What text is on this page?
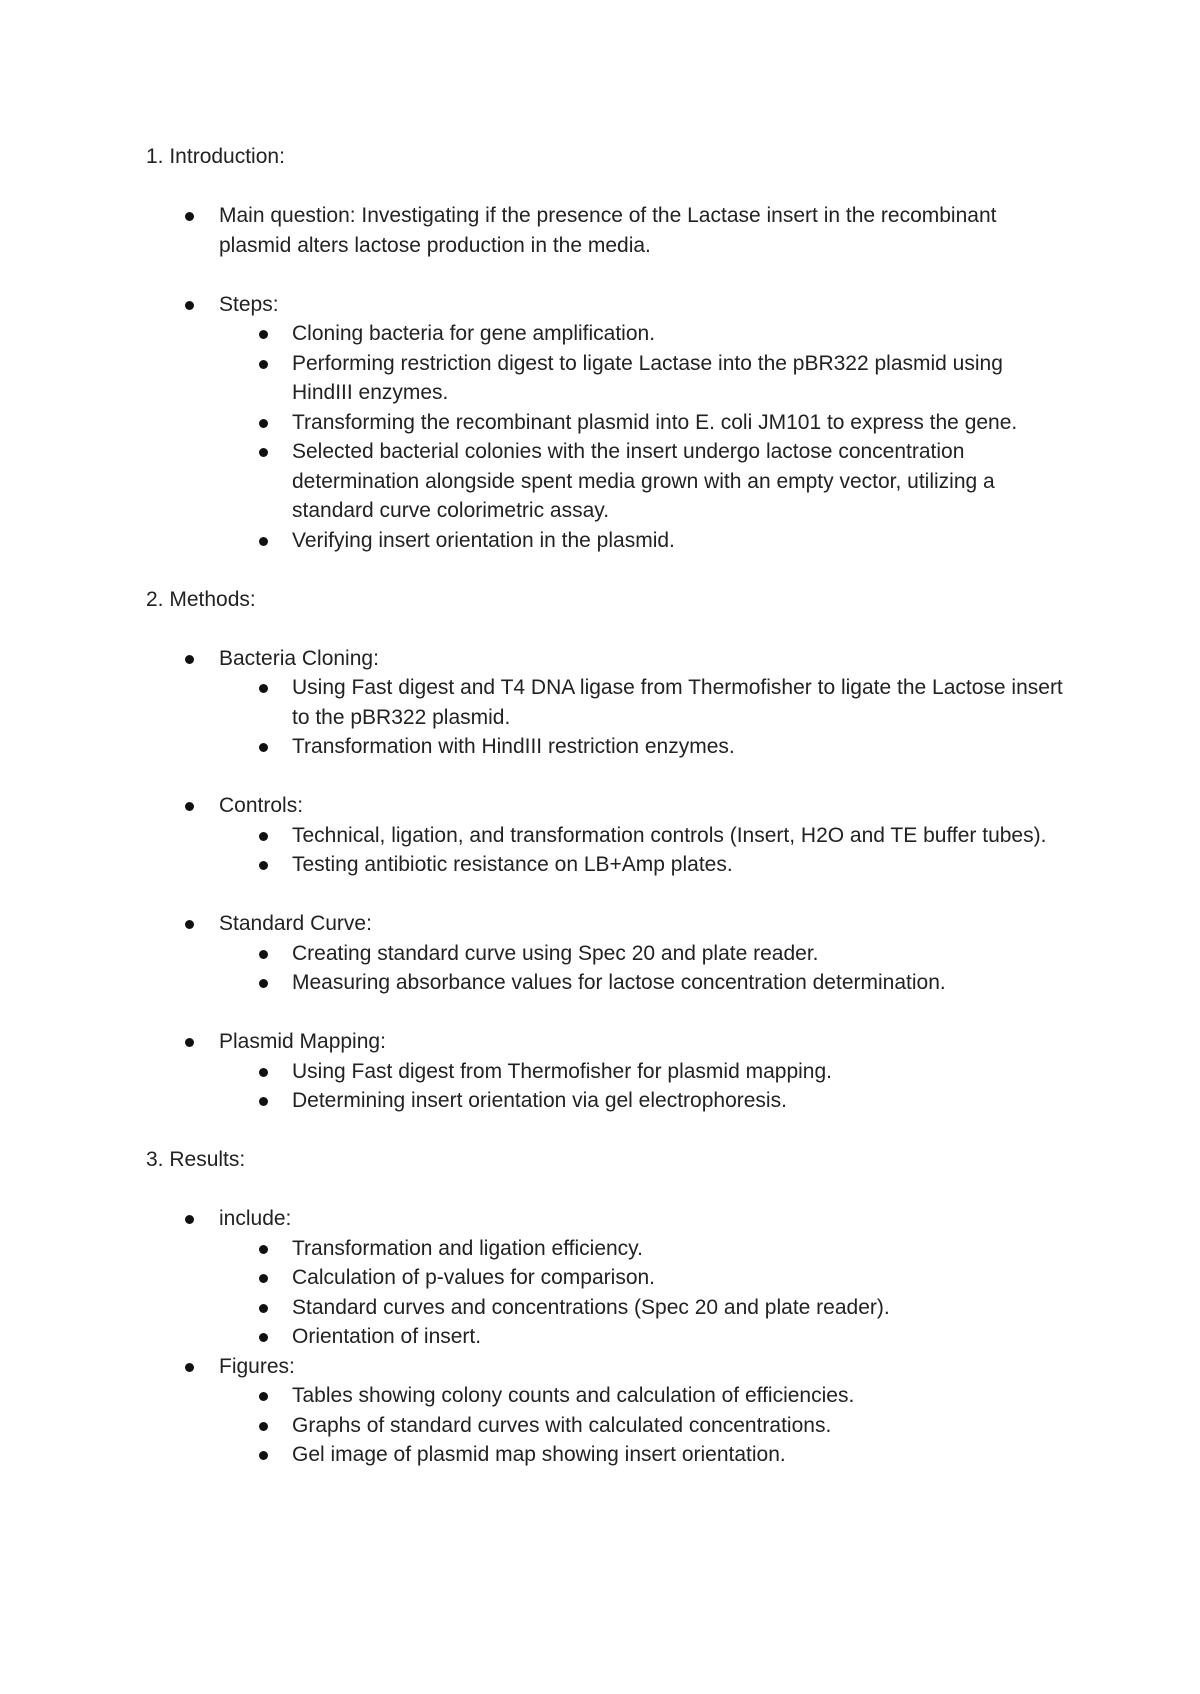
1. Introduction:

Main question: Investigating if the presence of the Lactase insert in the recombinant plasmid alters lactose production in the media.
Steps:
Cloning bacteria for gene amplification.
Performing restriction digest to ligate Lactase into the pBR322 plasmid using HindIII enzymes.
Transforming the recombinant plasmid into E. coli JM101 to express the gene.
Selected bacterial colonies with the insert undergo lactose concentration determination alongside spent media grown with an empty vector, utilizing a standard curve colorimetric assay.
Verifying insert orientation in the plasmid.

2. Methods:

Bacteria Cloning:
Using Fast digest and T4 DNA ligase from Thermofisher to ligate the Lactose insert to the pBR322 plasmid.
Transformation with HindIII restriction enzymes.
Controls:
Technical, ligation, and transformation controls (Insert, H2O and TE buffer tubes).
Testing antibiotic resistance on LB+Amp plates.
Standard Curve:
Creating standard curve using Spec 20 and plate reader.
Measuring absorbance values for lactose concentration determination.
Plasmid Mapping:
Using Fast digest from Thermofisher for plasmid mapping.
Determining insert orientation via gel electrophoresis.

3. Results:

include:
Transformation and ligation efficiency.
Calculation of p-values for comparison.
Standard curves and concentrations (Spec 20 and plate reader).
Orientation of insert.
Figures:
Tables showing colony counts and calculation of efficiencies.
Graphs of standard curves with calculated concentrations.
Gel image of plasmid map showing insert orientation.
